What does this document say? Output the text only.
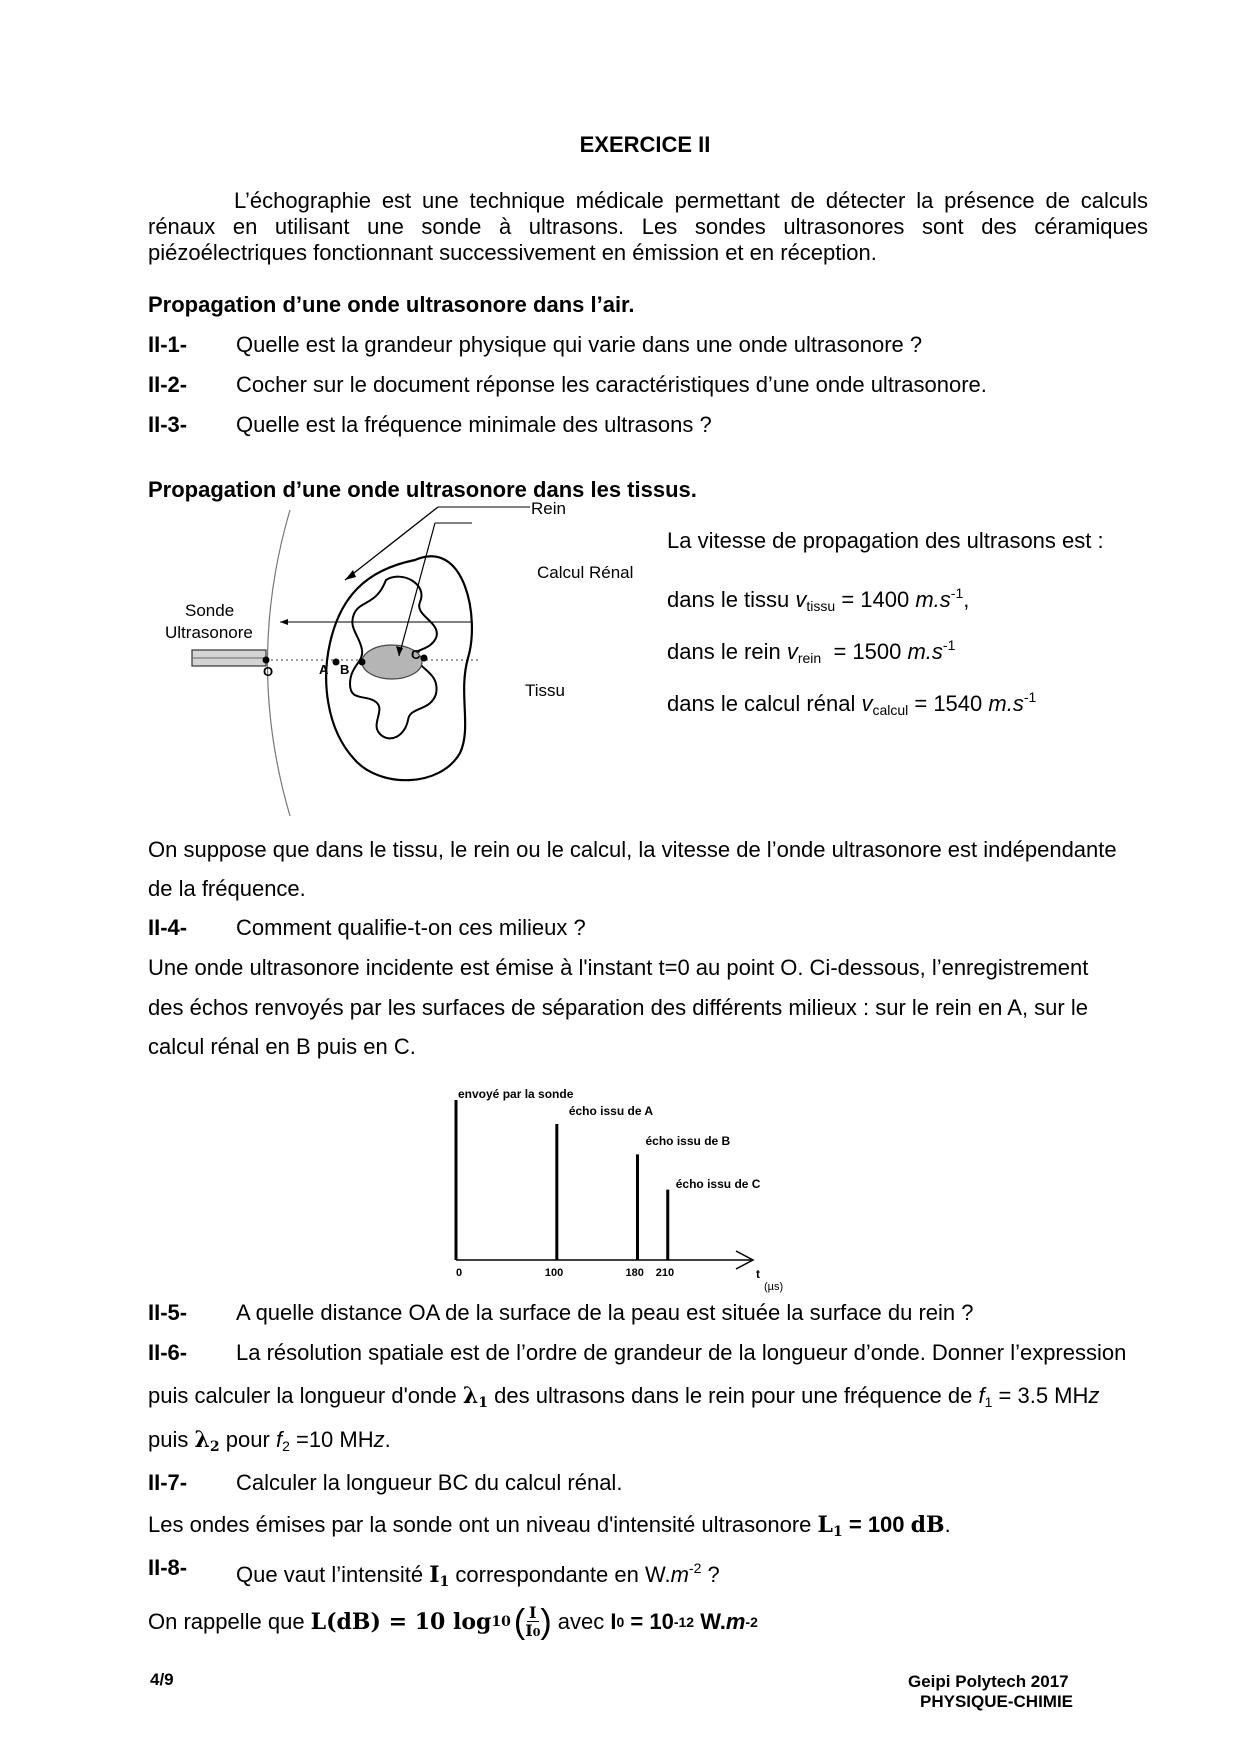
EXERCICE II
L’échographie est une technique médicale permettant de détecter la présence de calculs
rénaux en utilisant une sonde à ultrasons. Les sondes ultrasonores sont des céramiques
piézoélectriques fonctionnant successivement en émission et en réception.
Propagation d’une onde ultrasonore dans l’air.
II-1- Quelle est la grandeur physique qui varie dans une onde ultrasonore ?
II-2- Cocher sur le document réponse les caractéristiques d’une onde ultrasonore.
II-3- Quelle est la fréquence minimale des ultrasons ?
Propagation d’une onde ultrasonore dans les tissus.
Rein
Calcul Rénal
Sonde
Ultrasonore
Tissu
O	A B
C
La vitesse de propagation des ultrasons est :
dans le tissu $v_{tissu} = 1400$ $m.s^{-1}$,
dans le rein $v_{rein} = 1500$ $m.s^{-1}$
dans le calcul rénal $v_{calcul} = 1540$ $m.s^{-1}$
On suppose que dans le tissu, le rein ou le calcul, la vitesse de l’onde ultrasonore est indépendante
de la fréquence.
II-4- Comment qualifie-t-on ces milieux ?
Une onde ultrasonore incidente est émise à l'instant t=0 au point O. Ci-dessous, l’enregistrement
des échos renvoyés par les surfaces de séparation des différents milieux : sur le rein en A, sur le
calcul rénal en B puis en C.
0
envoyé par la sonde
100
écho issu de A
180
écho issu de B
210
écho issu de C
t
(µs)
II-5- A quelle distance OA de la surface de la peau est située la surface du rein ?
II-6- La résolution spatiale est de l’ordre de grandeur de la longueur d’onde. Donner l’expression
puis calculer la longueur d'onde $\lambda_1$ des ultrasons dans le rein pour une fréquence de $f_1 = 3.5$ MHz
puis $\lambda_2$ pour $f_2 =10$ MHz.
II-7- Calculer la longueur BC du calcul rénal.
Les ondes émises par la sonde ont un niveau d'intensité ultrasonore $L_1 = 100$ dB.
II-8- Que vaut l’intensité $I_1$ correspondante en $W.m^{-2}$ ?
On rappelle que L(dB) = 10 log 10 ( I
I0 ) avec I 0 = 10 -12 W. m -2
4/9	Geipi Polytech 2017
PHYSIQUE-CHIMIE
